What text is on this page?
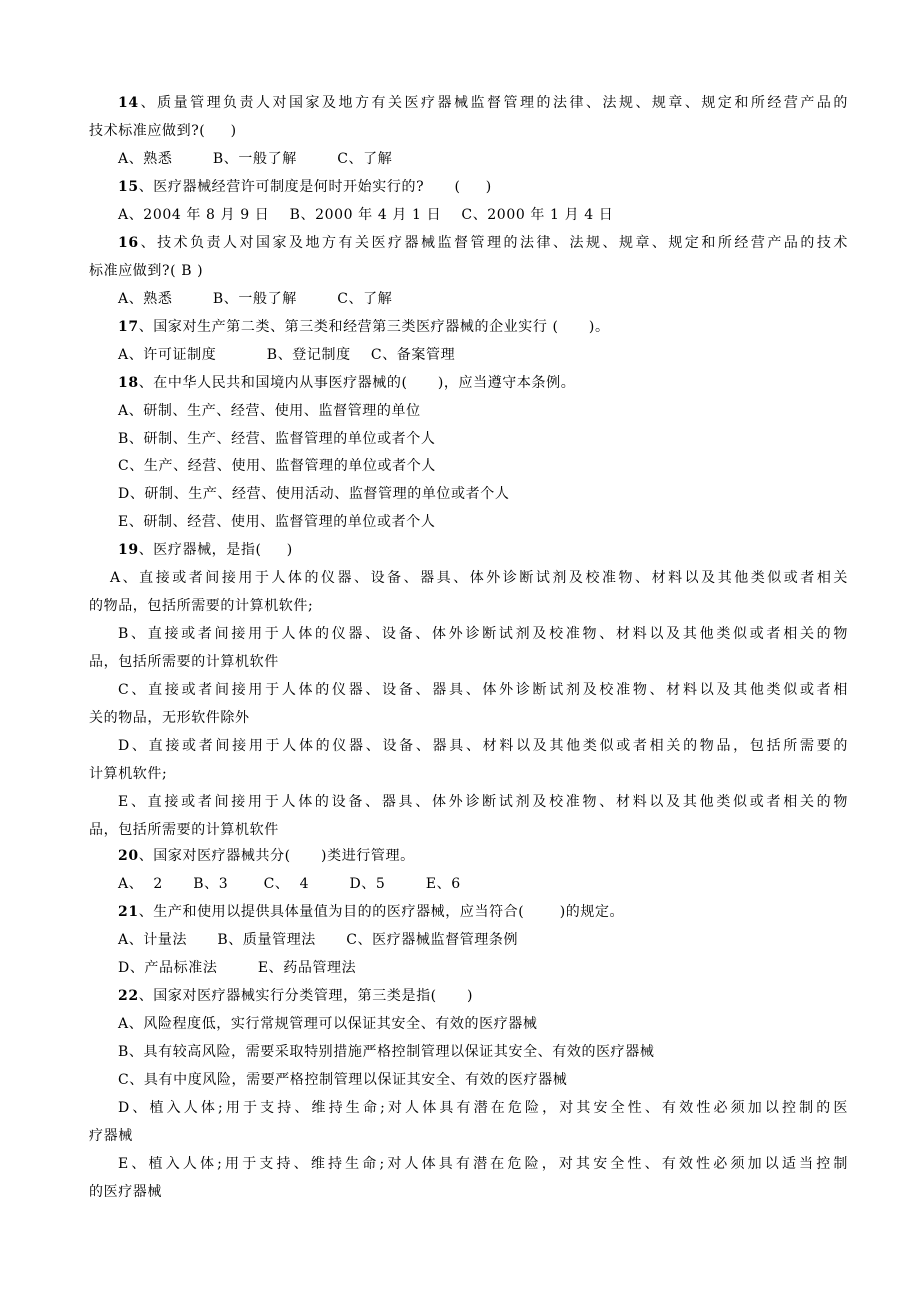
14、质量管理负责人对国家及地方有关医疗器械监督管理的法律、法规、规章、规定和所经营产品的
技术标准应做到?(     )
A、熟悉        B、一般了解        C、了解
15、医疗器械经营许可制度是何时开始实行的?      (     )
A、2004 年 8 月 9 日    B、2000 年 4 月 1 日    C、2000 年 1 月 4 日
16、技术负责人对国家及地方有关医疗器械监督管理的法律、法规、规章、规定和所经营产品的技术
标准应做到?( B )
A、熟悉        B、一般了解        C、了解
17、国家对生产第二类、第三类和经营第三类医疗器械的企业实行 (      )。
A、许可证制度          B、登记制度    C、备案管理
18、在中华人民共和国境内从事医疗器械的(      )，应当遵守本条例。
A、研制、生产、经营、使用、监督管理的单位
B、研制、生产、经营、监督管理的单位或者个人
C、生产、经营、使用、监督管理的单位或者个人
D、研制、生产、经营、使用活动、监督管理的单位或者个人
E、研制、经营、使用、监督管理的单位或者个人
19、医疗器械，是指(     )
A、直接或者间接用于人体的仪器、设备、器具、体外诊断试剂及校准物、材料以及其他类似或者相关
的物品，包括所需要的计算机软件;
B、直接或者间接用于人体的仪器、设备、体外诊断试剂及校准物、材料以及其他类似或者相关的物
品，包括所需要的计算机软件
C、直接或者间接用于人体的仪器、设备、器具、体外诊断试剂及校准物、材料以及其他类似或者相
关的物品，无形软件除外
D、直接或者间接用于人体的仪器、设备、器具、材料以及其他类似或者相关的物品，包括所需要的
计算机软件;
E、直接或者间接用于人体的设备、器具、体外诊断试剂及校准物、材料以及其他类似或者相关的物
品，包括所需要的计算机软件
20、国家对医疗器械共分(      )类进行管理。
A、  2      B、3       C、  4        D、5        E、6
21、生产和使用以提供具体量值为目的的医疗器械，应当符合(       )的规定。
A、计量法      B、质量管理法      C、医疗器械监督管理条例
D、产品标准法        E、药品管理法
22、国家对医疗器械实行分类管理，第三类是指(      )
A、风险程度低，实行常规管理可以保证其安全、有效的医疗器械
B、具有较高风险，需要采取特别措施严格控制管理以保证其安全、有效的医疗器械
C、具有中度风险，需要严格控制管理以保证其安全、有效的医疗器械
D、植入人体;用于支持、维持生命;对人体具有潜在危险，对其安全性、有效性必须加以控制的医
疗器械
E、植入人体;用于支持、维持生命;对人体具有潜在危险，对其安全性、有效性必须加以适当控制
的医疗器械
